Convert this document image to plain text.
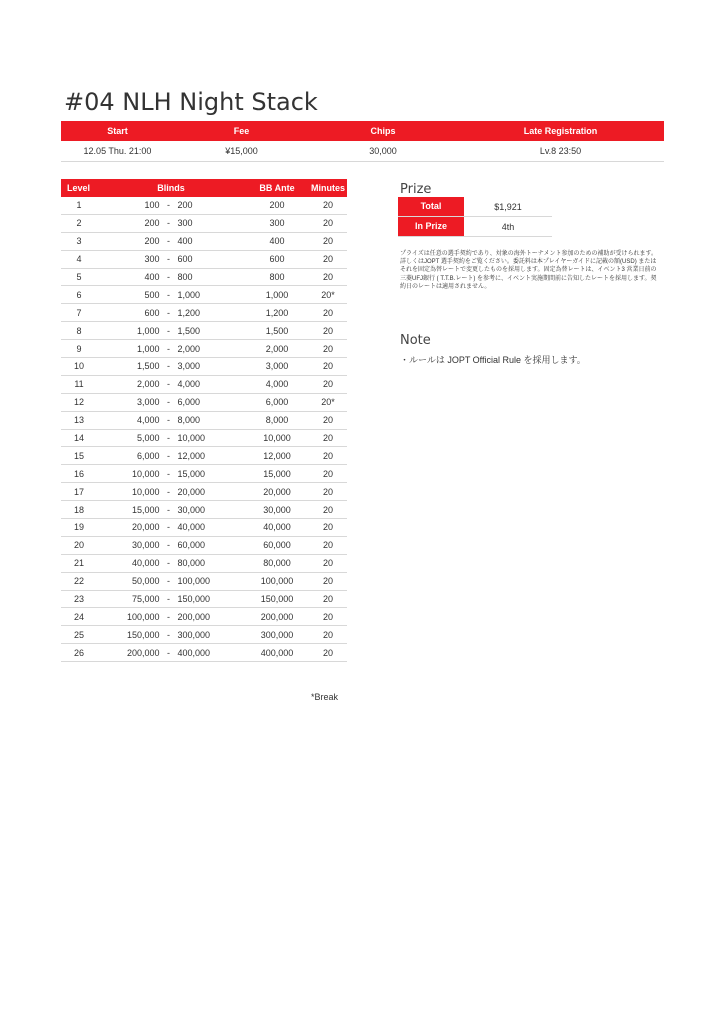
#04 NLH Night Stack
Start	Fee	Chips	Late Registration
12.05 Thu. 21:00	¥15,000	30,000	Lv.8 23:50
Level	Blinds	BB Ante	Minutes
1	100 - 200	200	20
2	200 - 300	300	20
3	200 - 400	400	20
4	300 - 600	600	20
5	400 - 800	800	20
6	500 - 1,000	1,000	20*
7	600 - 1,200	1,200	20
8	1,000 - 1,500	1,500	20
9	1,000 - 2,000	2,000	20
10	1,500 - 3,000	3,000	20
11	2,000 - 4,000	4,000	20
12	3,000 - 6,000	6,000	20*
13	4,000 - 8,000	8,000	20
14	5,000 - 10,000	10,000	20
15	6,000 - 12,000	12,000	20
16	10,000 - 15,000	15,000	20
17	10,000 - 20,000	20,000	20
18	15,000 - 30,000	30,000	20
19	20,000 - 40,000	40,000	20
20	30,000 - 60,000	60,000	20
21	40,000 - 80,000	80,000	20
22	50,000 - 100,000	100,000	20
23	75,000 - 150,000	150,000	20
24	100,000 - 200,000	200,000	20
25	150,000 - 300,000	300,000	20
26	200,000 - 400,000	400,000	20
*Break
Prize
Total	$1,921
In Prize	4th
プライズは任意の選手契約であり、対象の海外トーナメント参加のための補助が受けられます。詳しくはJOPT 選手契約をご覧ください。委託料は本プレイヤーガイドに記載の額(USD) またはそれを固定為替レートで変更したものを採用します。固定為替レートは、イベント3 営業日前の三菱UFJ銀行 ( T.T.B.レート) を参考に、イベント実施期間前に告知したレートを採用します。契約日のレートは適用されません。
Note
・ルールは JOPT Official Rule を採用します。
